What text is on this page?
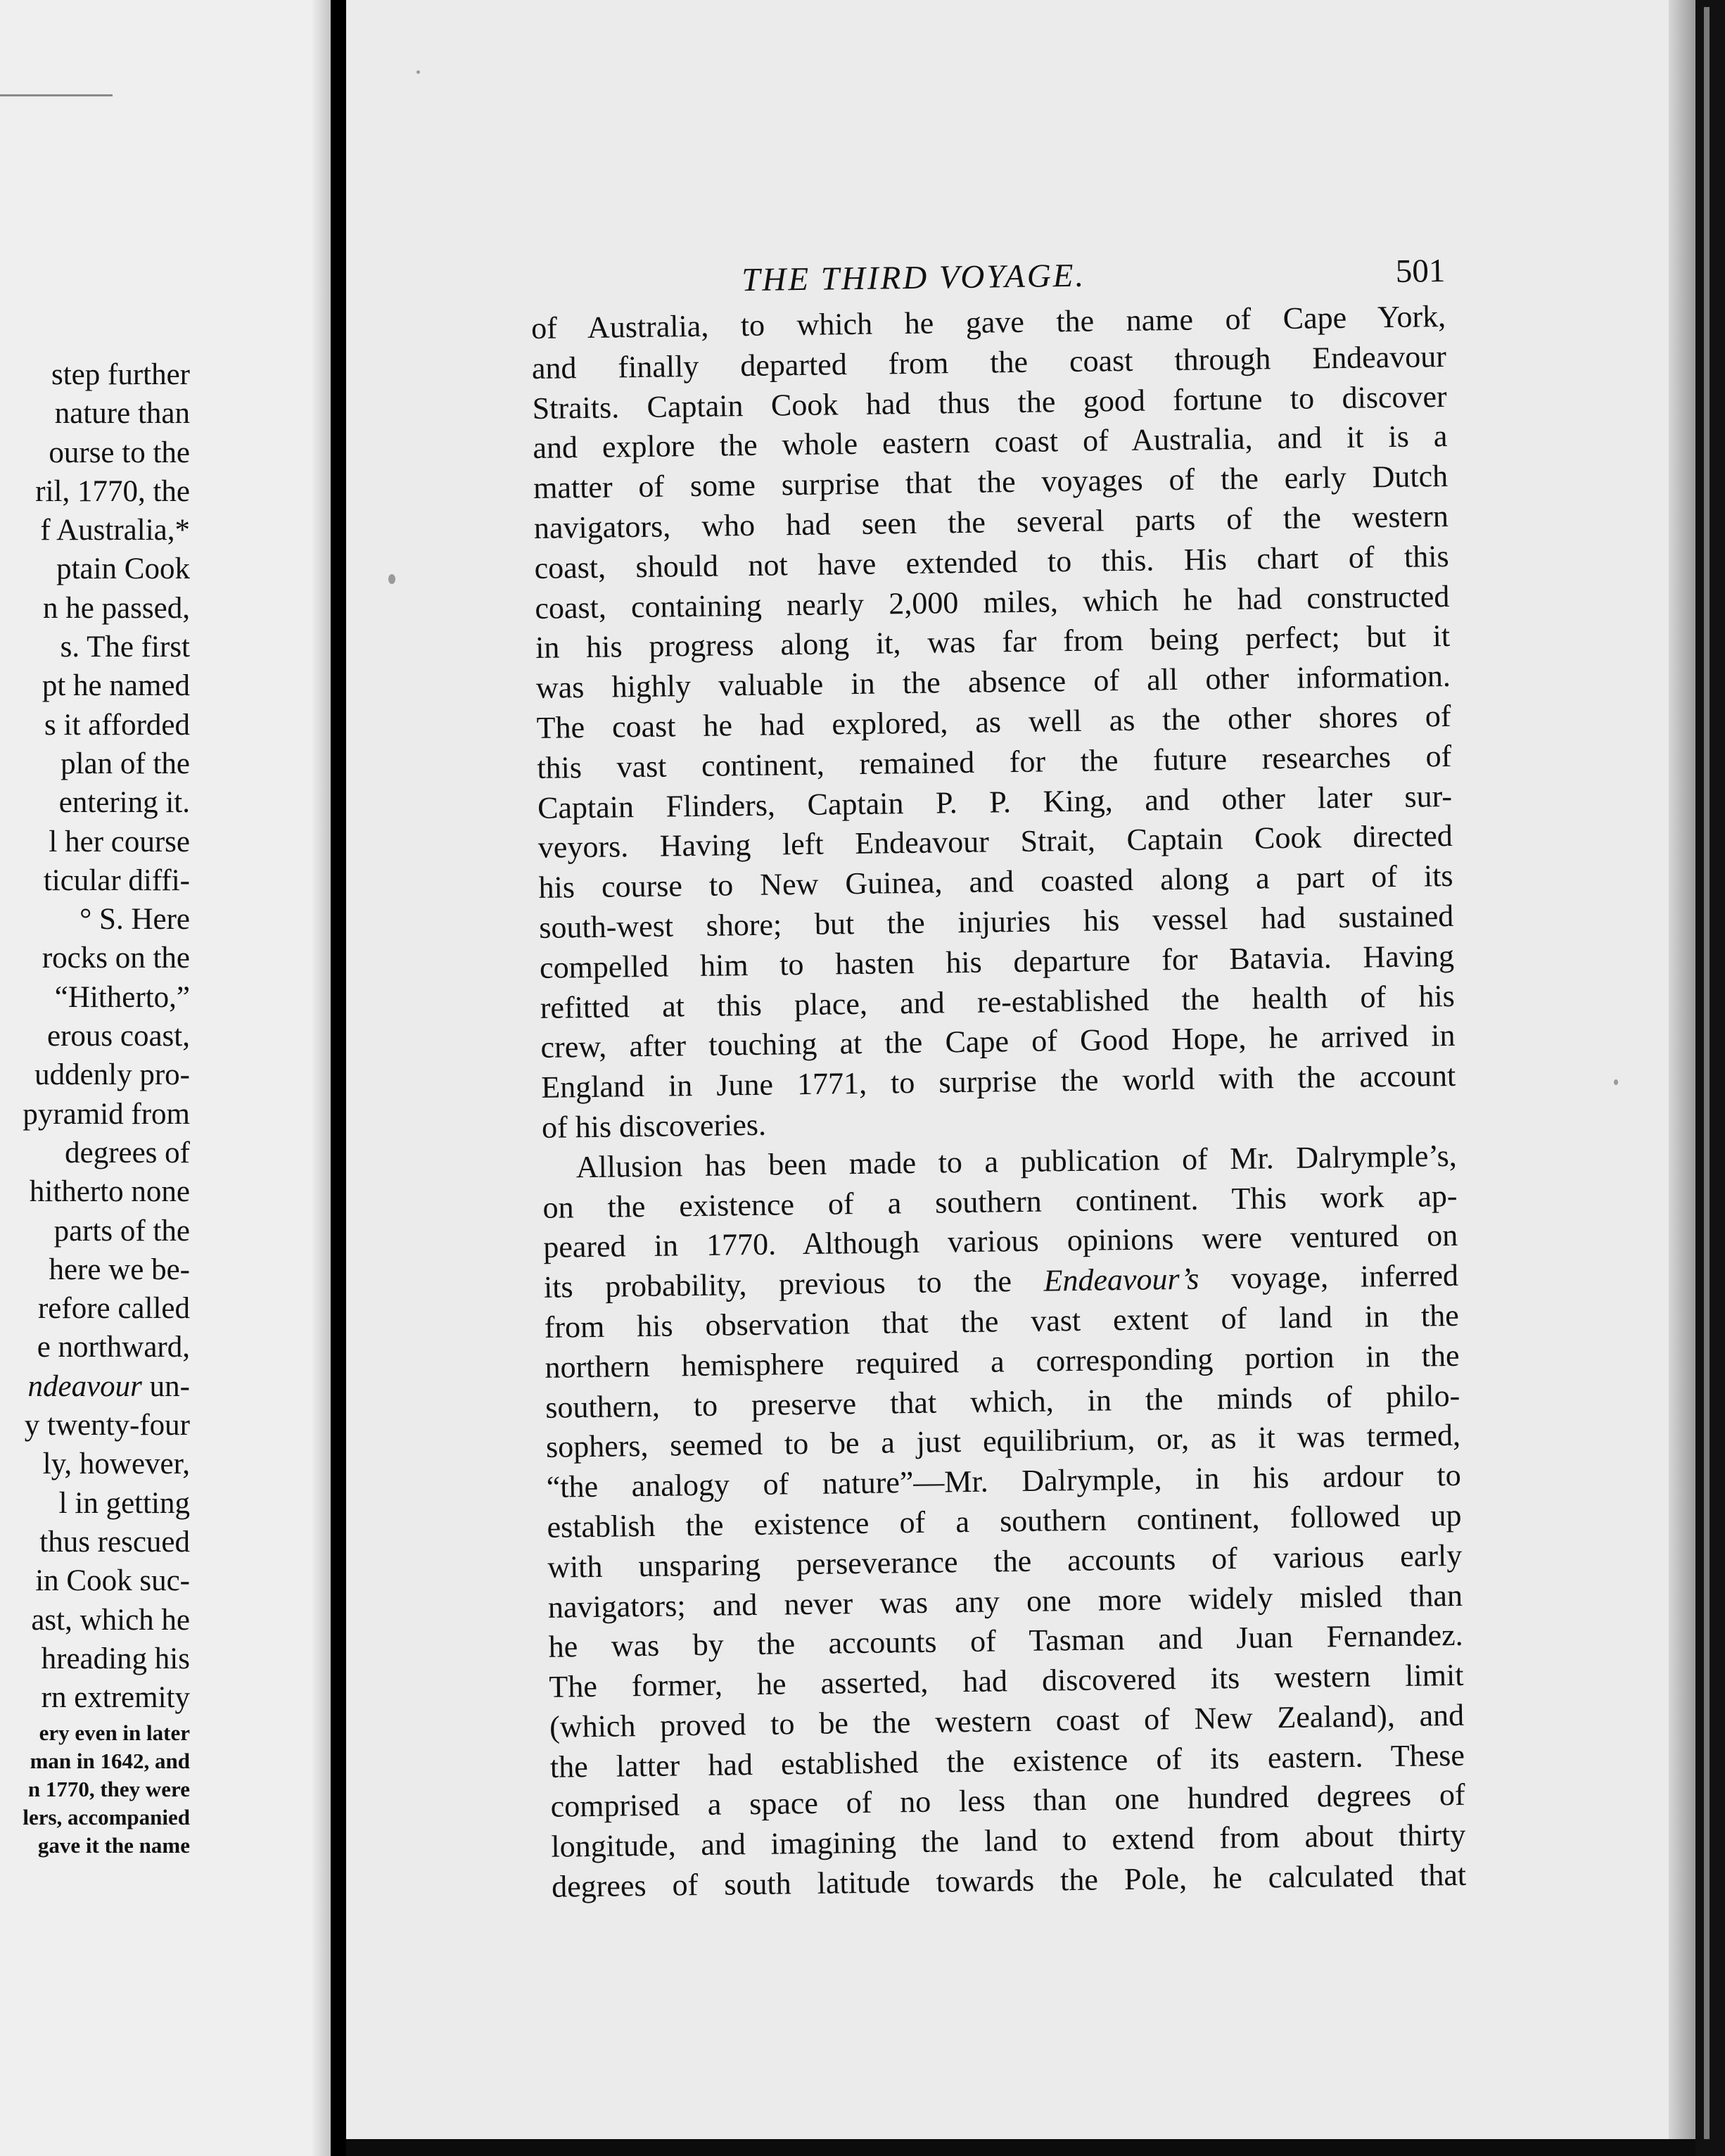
step further
nature than
ourse to the
ril, 1770, the
f Australia,*
ptain Cook
n he passed,
s. The first
pt he named
s it afforded
plan of the
entering it.
l her course
ticular diffi-
° S. Here
rocks on the
“Hitherto,”
erous coast,
uddenly pro-
pyramid from
degrees of
hitherto none
parts of the
here we be-
refore called
e northward,
ndeavour un-
y twenty-four
ly, however,
l in getting
thus rescued
in Cook suc-
ast, which he
hreading his
rn extremity
ery even in later
man in 1642, and
n 1770, they were
lers, accompanied
gave it the name
THE THIRD VOYAGE.	501
of Australia, to which he gave the name of Cape York,
and finally departed from the coast through Endeavour
Straits. Captain Cook had thus the good fortune to discover
and explore the whole eastern coast of Australia, and it is a
matter of some surprise that the voyages of the early Dutch
navigators, who had seen the several parts of the western
coast, should not have extended to this. His chart of this
coast, containing nearly 2,000 miles, which he had constructed
in his progress along it, was far from being perfect; but it
was highly valuable in the absence of all other information.
The coast he had explored, as well as the other shores of
this vast continent, remained for the future researches of
Captain Flinders, Captain P. P. King, and other later sur-
veyors. Having left Endeavour Strait, Captain Cook directed
his course to New Guinea, and coasted along a part of its
south-west shore; but the injuries his vessel had sustained
compelled him to hasten his departure for Batavia. Having
refitted at this place, and re-established the health of his
crew, after touching at the Cape of Good Hope, he arrived in
England in June 1771, to surprise the world with the account
of his discoveries.
Allusion has been made to a publication of Mr. Dalrymple’s,
on the existence of a southern continent. This work ap-
peared in 1770. Although various opinions were ventured on
its probability, previous to the Endeavour’s voyage, inferred
from his observation that the vast extent of land in the
northern hemisphere required a corresponding portion in the
southern, to preserve that which, in the minds of philo-
sophers, seemed to be a just equilibrium, or, as it was termed,
“the analogy of nature”—Mr. Dalrymple, in his ardour to
establish the existence of a southern continent, followed up
with unsparing perseverance the accounts of various early
navigators; and never was any one more widely misled than
he was by the accounts of Tasman and Juan Fernandez.
The former, he asserted, had discovered its western limit
(which proved to be the western coast of New Zealand), and
the latter had established the existence of its eastern. These
comprised a space of no less than one hundred degrees of
longitude, and imagining the land to extend from about thirty
degrees of south latitude towards the Pole, he calculated that
